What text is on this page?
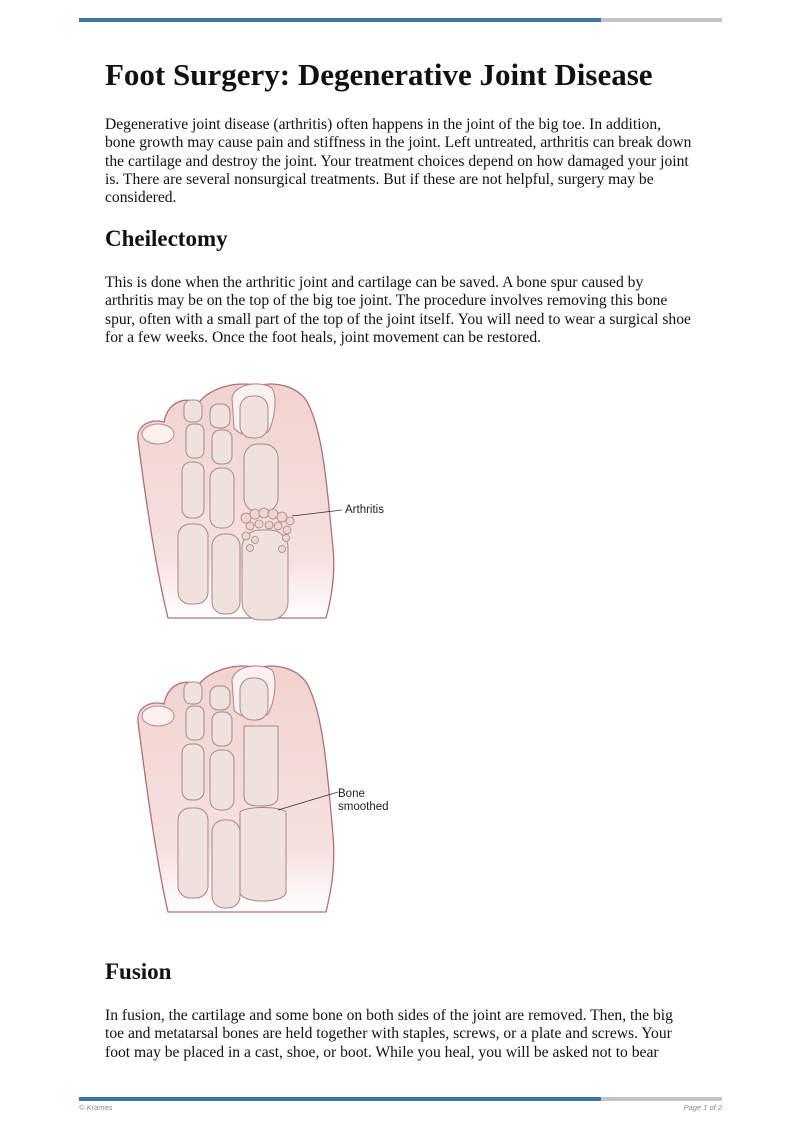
Foot Surgery: Degenerative Joint Disease

Degenerative joint disease (arthritis) often happens in the joint of the big toe. In addition, bone growth may cause pain and stiffness in the joint. Left untreated, arthritis can break down the cartilage and destroy the joint. Your treatment choices depend on how damaged your joint is. There are several nonsurgical treatments. But if these are not helpful, surgery may be considered.

Cheilectomy

This is done when the arthritic joint and cartilage can be saved. A bone spur caused by arthritis may be on the top of the big toe joint. The procedure involves removing this bone spur, often with a small part of the top of the joint itself. You will need to wear a surgical shoe for a few weeks. Once the foot heals, joint movement can be restored.

Arthritis
Bone
smoothed
Fusion

In fusion, the cartilage and some bone on both sides of the joint are removed. Then, the big toe and metatarsal bones are held together with staples, screws, or a plate and screws. Your foot may be placed in a cast, shoe, or boot. While you heal, you will be asked not to bear

© Krames	Page 1 of 2
